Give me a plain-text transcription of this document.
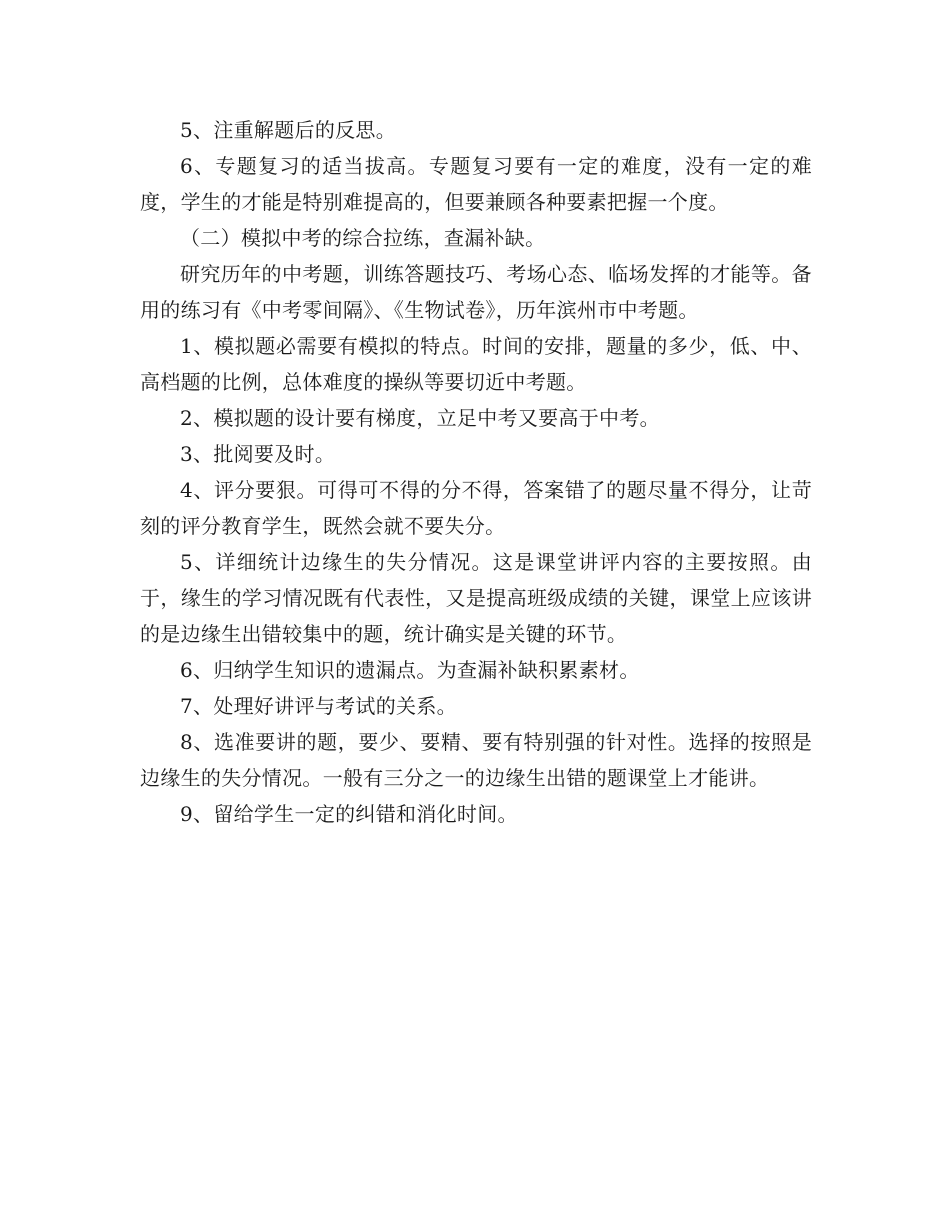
5、注重解题后的反思。

6、专题复习的适当拔高。专题复习要有一定的难度，没有一定的难度，学生的才能是特别难提高的，但要兼顾各种要素把握一个度。

（二）模拟中考的综合拉练，查漏补缺。

研究历年的中考题，训练答题技巧、考场心态、临场发挥的才能等。备用的练习有《中考零间隔》、《生物试卷》，历年滨州市中考题。

1、模拟题必需要有模拟的特点。时间的安排，题量的多少，低、中、高档题的比例，总体难度的操纵等要切近中考题。

2、模拟题的设计要有梯度，立足中考又要高于中考。

3、批阅要及时。

4、评分要狠。可得可不得的分不得，答案错了的题尽量不得分，让苛刻的评分教育学生，既然会就不要失分。

5、详细统计边缘生的失分情况。这是课堂讲评内容的主要按照。由于，缘生的学习情况既有代表性，又是提高班级成绩的关键，课堂上应该讲的是边缘生出错较集中的题，统计确实是关键的环节。

6、归纳学生知识的遗漏点。为查漏补缺积累素材。

7、处理好讲评与考试的关系。

8、选准要讲的题，要少、要精、要有特别强的针对性。选择的按照是边缘生的失分情况。一般有三分之一的边缘生出错的题课堂上才能讲。

9、留给学生一定的纠错和消化时间。
